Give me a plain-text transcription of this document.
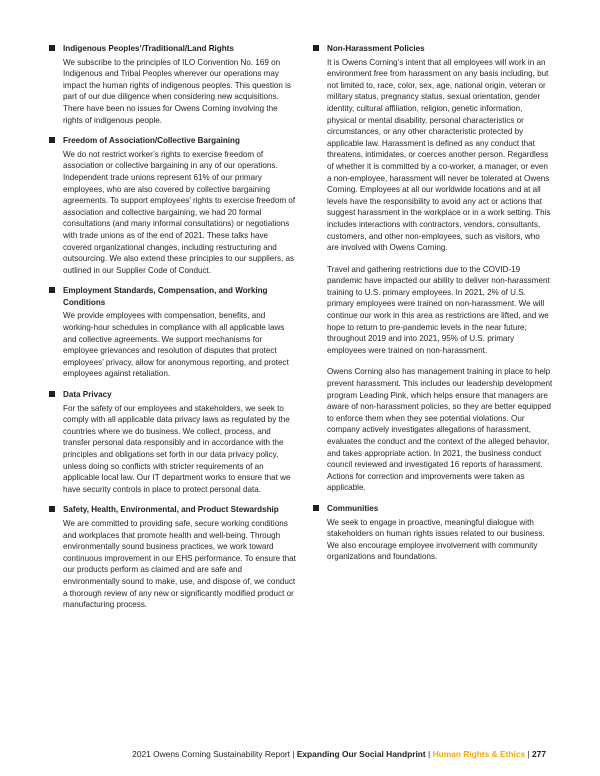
Indigenous Peoples’/Traditional/Land Rights

We subscribe to the principles of ILO Convention No. 169 on Indigenous and Tribal Peoples wherever our operations may impact the human rights of indigenous peoples. This question is part of our due diligence when considering new acquisitions. There have been no issues for Owens Corning involving the rights of indigenous people.

Freedom of Association/Collective Bargaining

We do not restrict worker’s rights to exercise freedom of association or collective bargaining in any of our operations. Independent trade unions represent 61% of our primary employees, who are also covered by collective bargaining agreements. To support employees’ rights to exercise freedom of association and collective bargaining, we had 20 formal consultations (and many informal consultations) or negotiations with trade unions as of the end of 2021. These talks have covered organizational changes, including restructuring and outsourcing. We also extend these principles to our suppliers, as outlined in our Supplier Code of Conduct.

Employment Standards, Compensation, and Working Conditions

We provide employees with compensation, benefits, and working-hour schedules in compliance with all applicable laws and collective agreements. We support mechanisms for employee grievances and resolution of disputes that protect employees’ privacy, allow for anonymous reporting, and protect employees against retaliation.

Data Privacy

For the safety of our employees and stakeholders, we seek to comply with all applicable data privacy laws as regulated by the countries where we do business. We collect, process, and transfer personal data responsibly and in accordance with the principles and obligations set forth in our data privacy policy, unless doing so conflicts with stricter requirements of an applicable local law. Our IT department works to ensure that we have security controls in place to protect personal data.

Safety, Health, Environmental, and Product Stewardship

We are committed to providing safe, secure working conditions and workplaces that promote health and well-being. Through environmentally sound business practices, we work toward continuous improvement in our EHS performance. To ensure that our products perform as claimed and are safe and environmentally sound to make, use, and dispose of, we conduct a thorough review of any new or significantly modified product or manufacturing process.

Non-Harassment Policies

It is Owens Corning’s intent that all employees will work in an environment free from harassment on any basis including, but not limited to, race, color, sex, age, national origin, veteran or military status, pregnancy status, sexual orientation, gender identity, cultural affiliation, religion, genetic information, physical or mental disability, personal characteristics or circumstances, or any other characteristic protected by applicable law. Harassment is defined as any conduct that threatens, intimidates, or coerces another person. Regardless of whether it is committed by a co-worker, a manager, or even a non-employee, harassment will never be tolerated at Owens Corning. Employees at all our worldwide locations and at all levels have the responsibility to avoid any act or actions that suggest harassment in the workplace or in a work setting. This includes interactions with contractors, vendors, consultants, customers, and other non-employees, such as visitors, who are involved with Owens Corning.

Travel and gathering restrictions due to the COVID-19 pandemic have impacted our ability to deliver non-harassment training to U.S. primary employees. In 2021, 2% of U.S. primary employees were trained on non-harassment. We will continue our work in this area as restrictions are lifted, and we hope to return to pre-pandemic levels in the near future; throughout 2019 and into 2021, 95% of U.S. primary employees were trained on non-harassment.

Owens Corning also has management training in place to help prevent harassment. This includes our leadership development program Leading Pink, which helps ensure that managers are aware of non-harassment policies, so they are better equipped to enforce them when they see potential violations. Our company actively investigates allegations of harassment, evaluates the conduct and the context of the alleged behavior, and takes appropriate action. In 2021, the business conduct council reviewed and investigated 16 reports of harassment. Actions for correction and improvements were taken as applicable.

Communities

We seek to engage in proactive, meaningful dialogue with stakeholders on human rights issues related to our business. We also encourage employee involvement with community organizations and foundations.

2021 Owens Corning Sustainability Report | Expanding Our Social Handprint | Human Rights & Ethics | 277
